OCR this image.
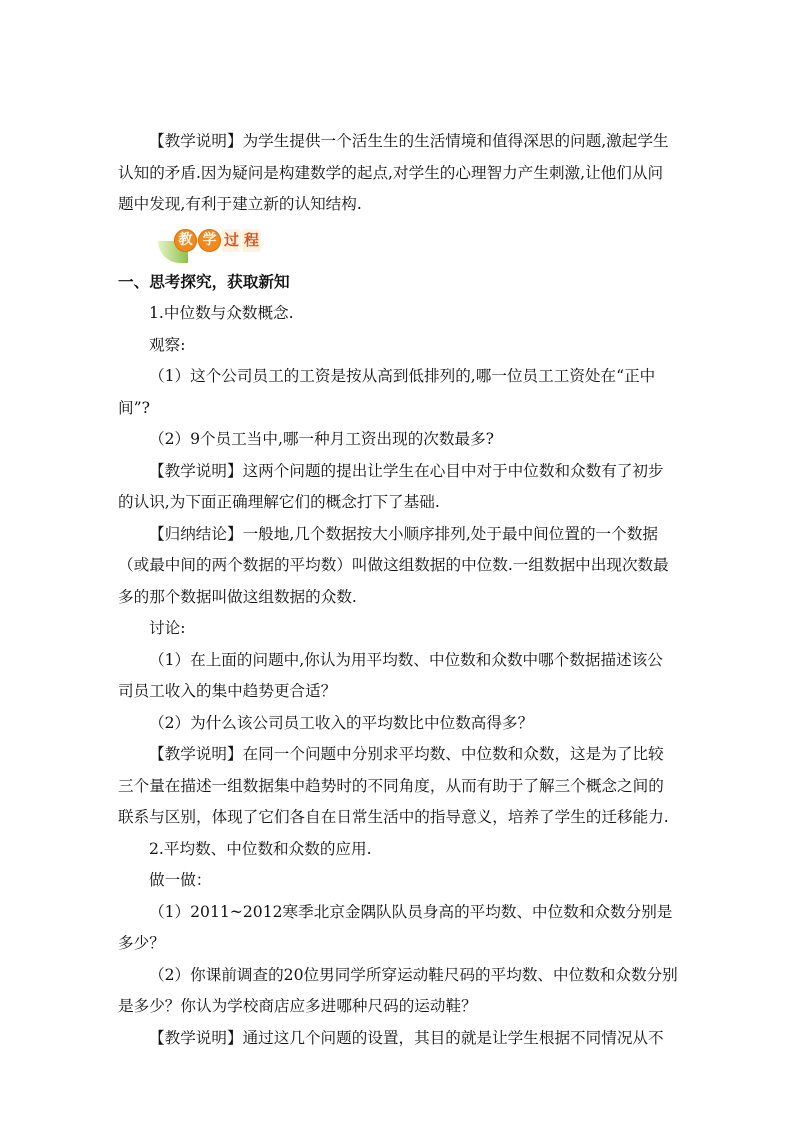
【教学说明】为学生提供一个活生生的生活情境和值得深思的问题,激起学生认知的矛盾.因为疑问是构建数学的起点,对学生的心理智力产生刺激,让他们从问题中发现,有利于建立新的认知结构.

教 学 过 程

一、思考探究，获取新知

1.中位数与众数概念.

观察:

（1）这个公司员工的工资是按从高到低排列的,哪一位员工工资处在“正中间”?

（2）9个员工当中,哪一种月工资出现的次数最多?

【教学说明】这两个问题的提出让学生在心目中对于中位数和众数有了初步的认识,为下面正确理解它们的概念打下了基础.

【归纳结论】一般地,几个数据按大小顺序排列,处于最中间位置的一个数据（或最中间的两个数据的平均数）叫做这组数据的中位数.一组数据中出现次数最多的那个数据叫做这组数据的众数.

讨论:

（1）在上面的问题中,你认为用平均数、中位数和众数中哪个数据描述该公司员工收入的集中趋势更合适？

（2）为什么该公司员工收入的平均数比中位数高得多？

【教学说明】在同一个问题中分别求平均数、中位数和众数，这是为了比较三个量在描述一组数据集中趋势时的不同角度，从而有助于了解三个概念之间的联系与区别，体现了它们各自在日常生活中的指导意义，培养了学生的迁移能力.

2.平均数、中位数和众数的应用.

做一做：

（1）2011~2012寒季北京金隅队队员身高的平均数、中位数和众数分别是多少？

（2）你课前调查的20位男同学所穿运动鞋尺码的平均数、中位数和众数分别是多少？你认为学校商店应多进哪种尺码的运动鞋？

【教学说明】通过这几个问题的设置，其目的就是让学生根据不同情况从不
